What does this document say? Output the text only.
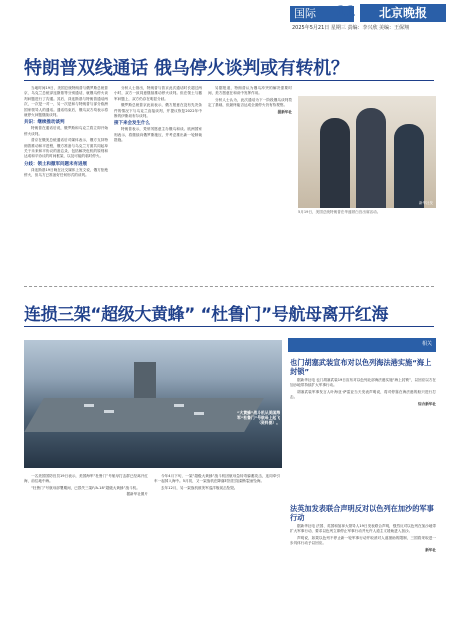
国际	11	北京晚报
2025年5月21日 星期三 责编：李兴欣 美编：王保翔
特朗普双线通话 俄乌停火谈判或有转机？

当地时间19日，美国总统特朗普与俄罗斯总统普京、乌克兰总统泽连斯基等分别通话，就俄乌停火谈判问题进行了沟通。其后，泽连斯基与特朗普通话两次，一次是一对一，另一次是和与特朗普与部分欧洲国家领导人的通话。通话结束后，俄乌双方均表示将就停火问题继续谈判。

共识：继续推动谈判

特朗普在通话后说，俄罗斯和乌克兰将立即开始停火谈判。

普京在俄美总统通话后对媒体表示，俄方支持特朗普推动和平进程，俄方准备与乌克兰方面共同起草关于未来和平协议的备忘录，包括解决危机的原则和达成和平协议的时间框架，以及可能的临时停火。

分歧：领土和撤军问题未有进展

泽连斯基19日晚在社交媒体上发文说，俄方拒绝停火，但乌方已准备好任何形式的谈判。

分析人士指出，特朗普与普京此次通话时长超过两小时，双方一致同意继续推动停火谈判。但在领土与撤军问题上，双方仍存在明显分歧。

俄罗斯总统普京此前表示，俄方愿意在没有先决条件的情况下与乌克兰直接谈判，并提议恢复2022年中断的伊斯坦布尔谈判。

接下来会发生什么

特朗普表示，梵蒂冈愿意主办俄乌和谈。欧洲国家则表示，将继续向俄罗斯施压，并考虑推出新一轮制裁措施。

另据报道，特朗普认为俄乌冲突的解决需要时间，美方愿意在和谈中发挥作用。

分析人士认为，此次通话为下一阶段俄乌谈判奠定了基础，但最终能否达成全面停火仍有待观察。

据新华社

新华社发
5月19日，美国总统特朗普在华盛顿白宫出席活动。
连损三架“超级大黄蜂” “杜鲁门”号航母离开红海
“大黄蜂”战斗机从美国海军“杜鲁门”号航母上起飞（资料图）。

一名美国国防官员19日表示，美国海军“杜鲁门”号航母打击群已经离开红海，前往地中海。

“杜鲁门”号航母部署期间，已损失三架F/A-18“超级大黄蜂”战斗机。

据新华社图片

今年4月下旬，一架“超级大黄蜂”战斗机因航母急转弯躲避攻击，连同牵引车一起掉入海中。5月初，又一架战机在降落时因拦阻索断裂而坠海。

去年12月，另一架战机被美军巡洋舰误击坠毁。

相关
也门胡塞武装宣布对以色列海法港实施“海上封锁”

据新华社电 也门胡塞武装19日宣布对以色列北部海法港实施“海上封锁”，以回应以方在加沙地带持续扩大军事行动。

胡塞武装军事发言人叶海亚·萨雷亚当天发表声明说，将对停靠在海法港的船只进行打击。

综合新华社

法英加发表联合声明反对以色列在加沙的军事行动

据新华社电 法国、英国和加拿大领导人19日发表联合声明，强烈反对以色列在加沙地带扩大军事行动，要求以色列立即停止军事行动并允许人道主义援助进入加沙。

声明说，如果以色列不停止新一轮军事行动并取消对人道援助的限制，三国将采取进一步具体行动予以回应。

新华社
